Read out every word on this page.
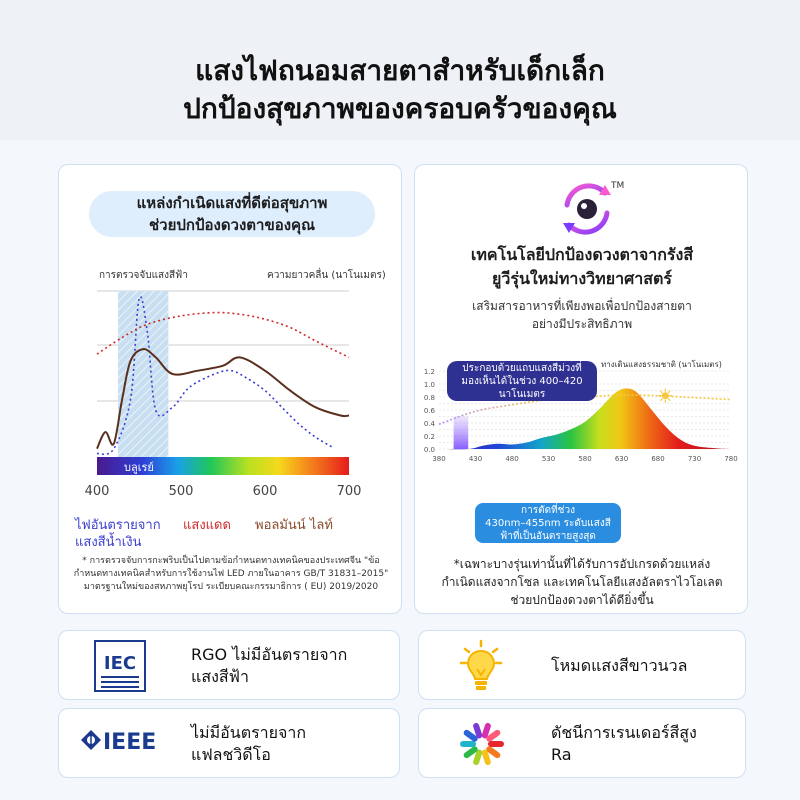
แสงไฟถนอมสายตาสำหรับเด็กเล็ก
ปกป้องสุขภาพของครอบครัวของคุณ
แหล่งกำเนิดแสงที่ดีต่อสุขภาพ
ช่วยปกป้องดวงตาของคุณ
การตรวจจับแสงสีฟ้า	ความยาวคลื่น (นาโนเมตร)
บลูเรย์
400	500	600	700
ไฟอันตรายจาก
แสงสีน้ำเงิน
แสงแดด พอลมันน์ ไลท์
* การตรวจจับการกะพริบเป็นไปตามข้อกำหนดทางเทคนิคของประเทศจีน "ข้อกำหนดทางเทคนิคสำหรับการใช้งานไฟ LED ภายในอาคาร GB/T 31831–2015" มาตรฐานใหม่ของสหภาพยุโรป ระเบียบคณะกรรมาธิการ ( EU) 2019/2020
TM
เทคโนโลยีปกป้องดวงตาจากรังสี
ยูวีรุ่นใหม่ทางวิทยาศาสตร์
เสริมสารอาหารที่เพียงพอเพื่อปกป้องสายตา
อย่างมีประสิทธิภาพ
0.0
0.2
0.4
0.6
0.8
1.0
1.2
380	430	480	530	580	630	680	730	780
ทางเดินแสงธรรมชาติ (นาโนเมตร)
ประกอบด้วยแถบแสงสีม่วงที่
มองเห็นได้ในช่วง 400–420
นาโนเมตร
การตัดที่ช่วง
430nm–455nm ระดับแสงสี
ฟ้าที่เป็นอันตรายสูงสุด
*เฉพาะบางรุ่นเท่านั้นที่ได้รับการอัปเกรดด้วยแหล่ง
กำเนิดแสงจากโซล และเทคโนโลยีแสงอัลตราไวโอเลต
ช่วยปกป้องดวงตาได้ดียิ่งขึ้น
IEC	RGO ไม่มีอันตรายจาก
แสงสีฟ้า
โหมดแสงสีขาวนวล
IEEE ไม่มีอันตรายจาก
แฟลชวิดีโอ
ดัชนีการเรนเดอร์สีสูง
Ra
